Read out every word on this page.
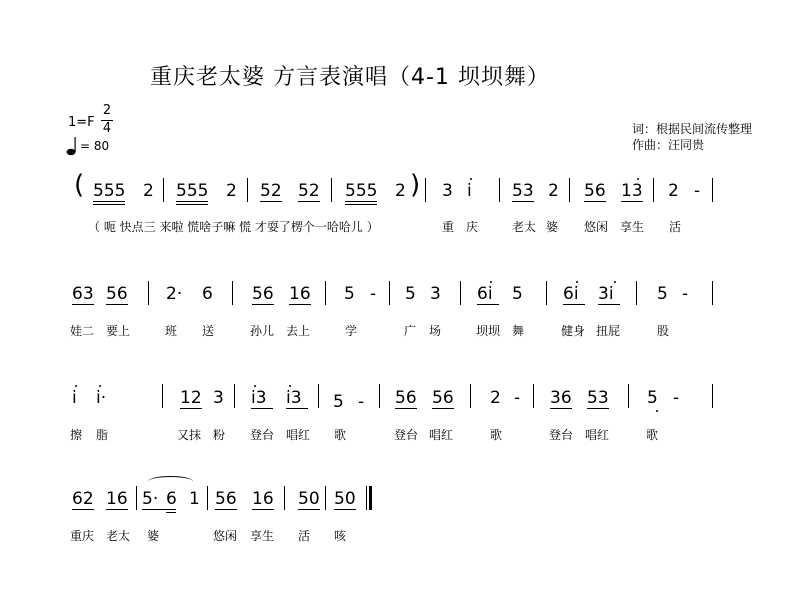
重庆老太婆 方言表演唱（4-1 坝坝舞）
1=F
2
4
= 80
词：根据民间流传整理
作曲：汪同贵
( 555 2 555 2 52 52 555 2 ) 3 i 53 2 56 13 2 -
（ 呃 快点三 来啦 慌啥子嘛 慌 才耍了楞个一哈哈儿 ）	重 庆	老太 婆 悠闲 享生 活
63 56 2· 6 56 16 5 - 5 3 6i 5 6i 3i	5 -
娃二 要上	班 送	孙儿 去上	学	广 场	坝坝 舞	健身 扭屁	股
i i·	12 3 i3 i3 5 - 56 56 2 - 36 53 5 -
擦 脂	又抹 粉 登台 唱红 歌	登台 唱红	歌	登台 唱红	歌
62 16 5· 6 1 56 16 50 50
重庆 老太 婆	悠闲 享生 活 咳
